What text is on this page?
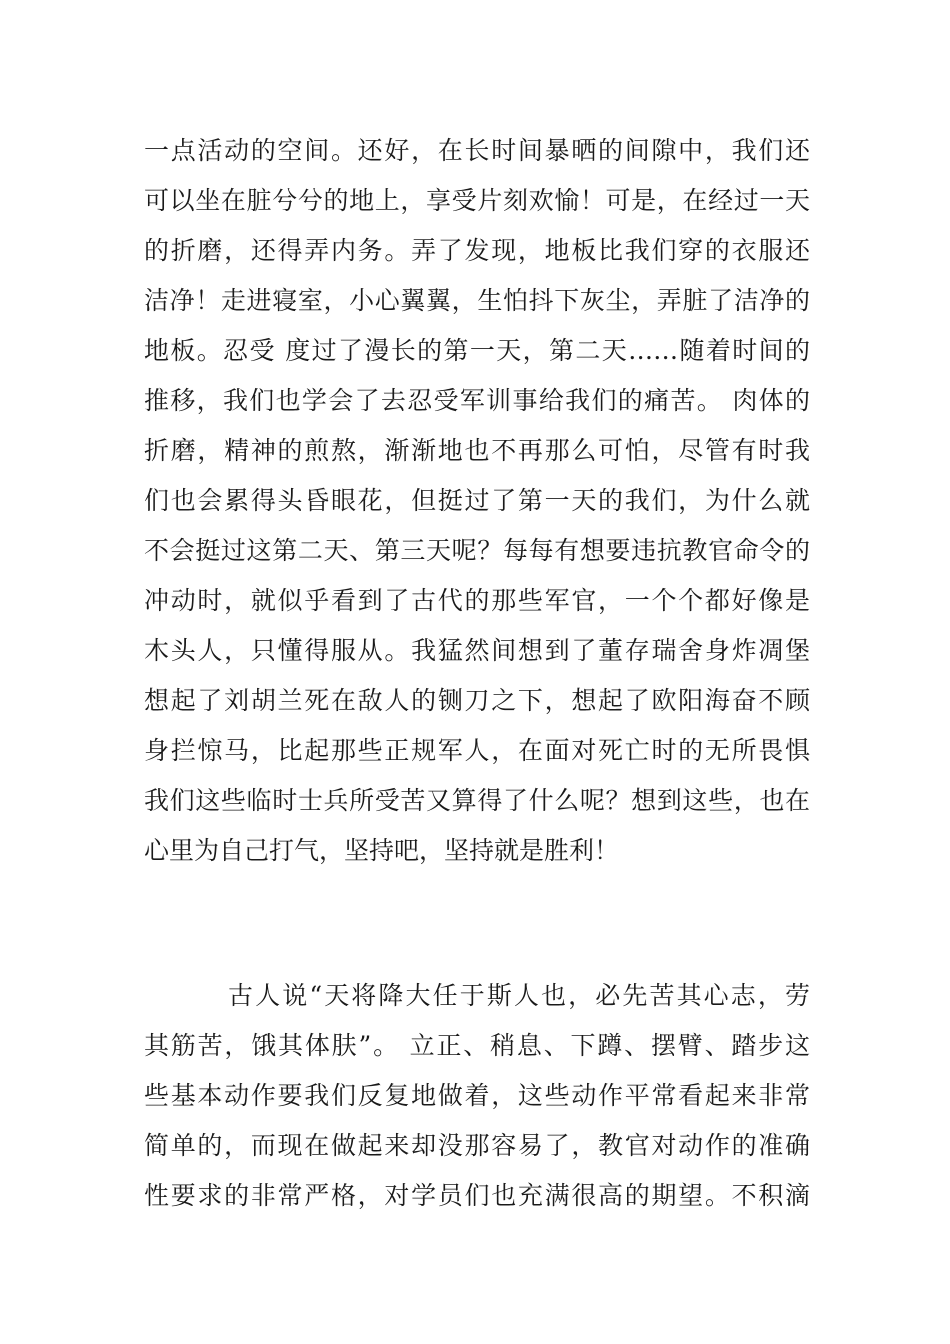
一点活动的空间。还好，在长时间暴晒的间隙中，我们还
可以坐在脏兮兮的地上，享受片刻欢愉！可是，在经过一天
的折磨，还得弄内务。弄了发现，地板比我们穿的衣服还
洁净！走进寝室，小心翼翼，生怕抖下灰尘，弄脏了洁净的
地板。忍受 度过了漫长的第一天，第二天……随着时间的
推移，我们也学会了去忍受军训事给我们的痛苦。 肉体的
折磨，精神的煎熬，渐渐地也不再那么可怕，尽管有时我
们也会累得头昏眼花，但挺过了第一天的我们，为什么就
不会挺过这第二天、第三天呢？每每有想要违抗教官命令的
冲动时，就似乎看到了古代的那些军官，一个个都好像是
木头人，只懂得服从。我猛然间想到了董存瑞舍身炸凋堡
想起了刘胡兰死在敌人的铡刀之下，想起了欧阳海奋不顾
身拦惊马，比起那些正规军人，在面对死亡时的无所畏惧
我们这些临时士兵所受苦又算得了什么呢？想到这些，也在
心里为自己打气，坚持吧，坚持就是胜利！
古人说“天将降大任于斯人也，必先苦其心志，劳
其筋苦，饿其体肤”。 立正、稍息、下蹲、摆臂、踏步这
些基本动作要我们反复地做着，这些动作平常看起来非常
简单的，而现在做起来却没那容易了，教官对动作的准确
性要求的非常严格，对学员们也充满很高的期望。不积滴
